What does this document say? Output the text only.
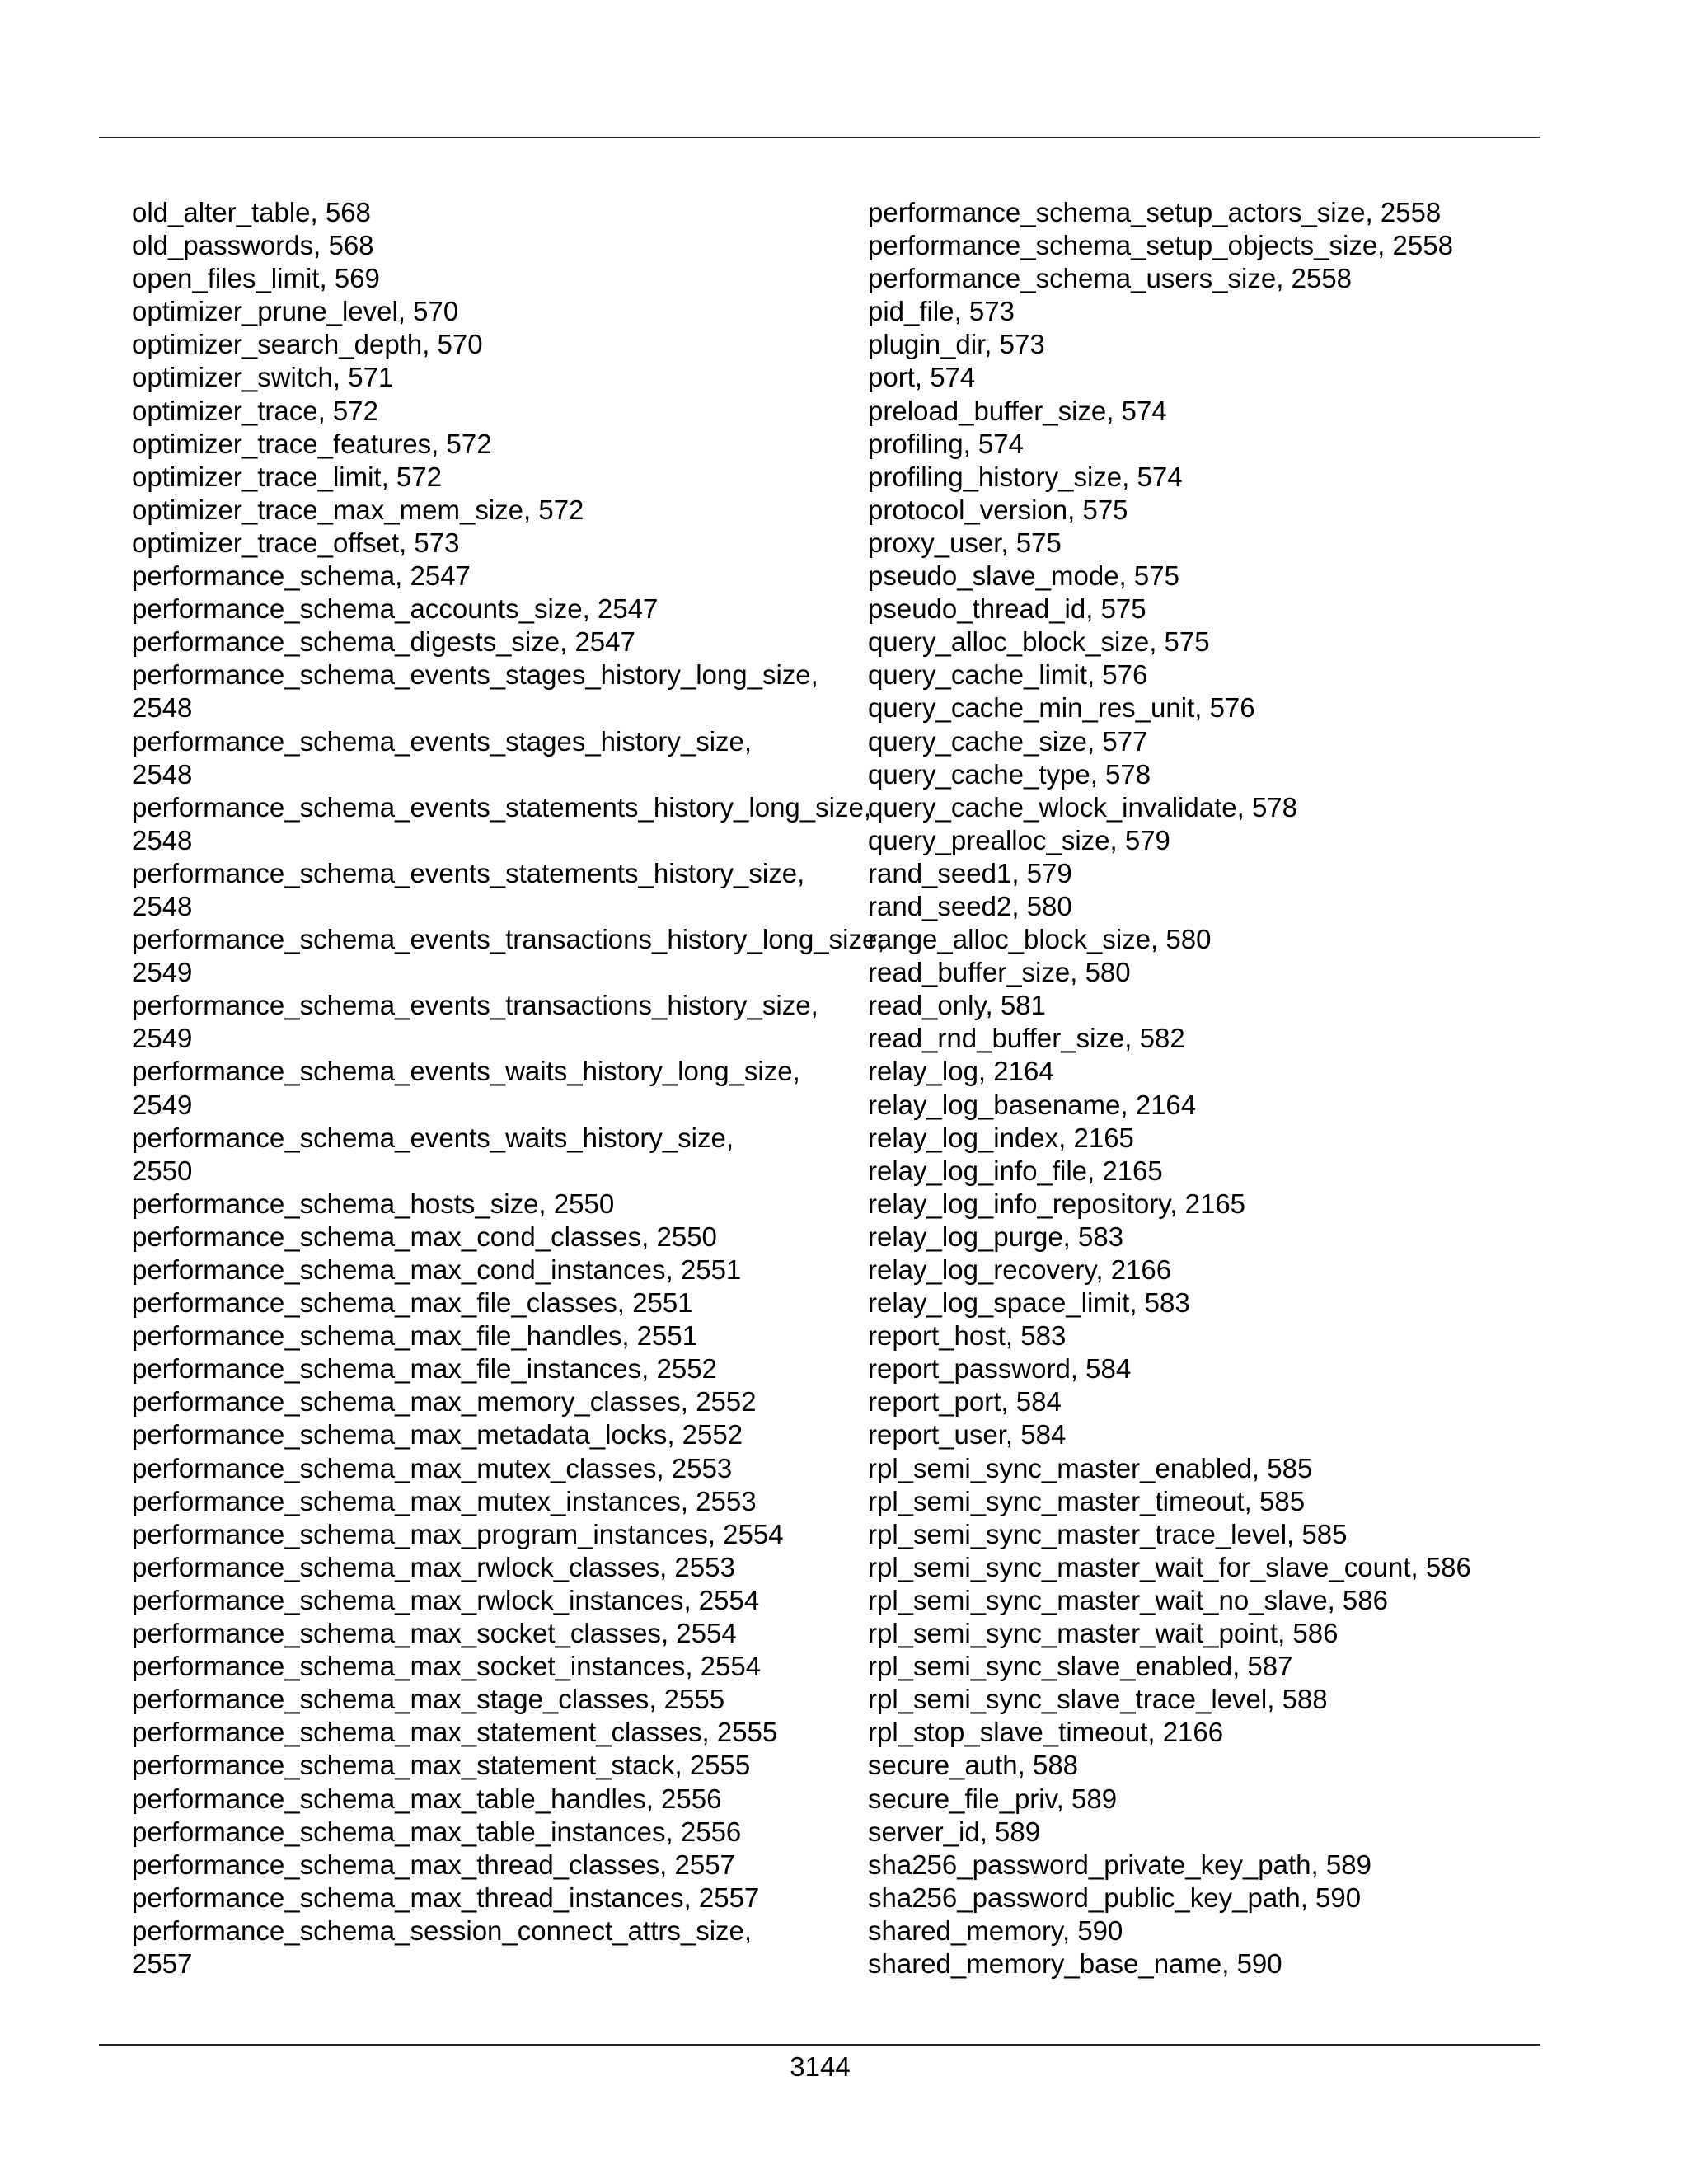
old_alter_table, 568
old_passwords, 568
open_files_limit, 569
optimizer_prune_level, 570
optimizer_search_depth, 570
optimizer_switch, 571
optimizer_trace, 572
optimizer_trace_features, 572
optimizer_trace_limit, 572
optimizer_trace_max_mem_size, 572
optimizer_trace_offset, 573
performance_schema, 2547
performance_schema_accounts_size, 2547
performance_schema_digests_size, 2547
performance_schema_events_stages_history_long_size,
2548
performance_schema_events_stages_history_size,
2548
performance_schema_events_statements_history_long_size,
2548
performance_schema_events_statements_history_size,
2548
performance_schema_events_transactions_history_long_size,
2549
performance_schema_events_transactions_history_size,
2549
performance_schema_events_waits_history_long_size,
2549
performance_schema_events_waits_history_size,
2550
performance_schema_hosts_size, 2550
performance_schema_max_cond_classes, 2550
performance_schema_max_cond_instances, 2551
performance_schema_max_file_classes, 2551
performance_schema_max_file_handles, 2551
performance_schema_max_file_instances, 2552
performance_schema_max_memory_classes, 2552
performance_schema_max_metadata_locks, 2552
performance_schema_max_mutex_classes, 2553
performance_schema_max_mutex_instances, 2553
performance_schema_max_program_instances, 2554
performance_schema_max_rwlock_classes, 2553
performance_schema_max_rwlock_instances, 2554
performance_schema_max_socket_classes, 2554
performance_schema_max_socket_instances, 2554
performance_schema_max_stage_classes, 2555
performance_schema_max_statement_classes, 2555
performance_schema_max_statement_stack, 2555
performance_schema_max_table_handles, 2556
performance_schema_max_table_instances, 2556
performance_schema_max_thread_classes, 2557
performance_schema_max_thread_instances, 2557
performance_schema_session_connect_attrs_size,
2557
performance_schema_setup_actors_size, 2558
performance_schema_setup_objects_size, 2558
performance_schema_users_size, 2558
pid_file, 573
plugin_dir, 573
port, 574
preload_buffer_size, 574
profiling, 574
profiling_history_size, 574
protocol_version, 575
proxy_user, 575
pseudo_slave_mode, 575
pseudo_thread_id, 575
query_alloc_block_size, 575
query_cache_limit, 576
query_cache_min_res_unit, 576
query_cache_size, 577
query_cache_type, 578
query_cache_wlock_invalidate, 578
query_prealloc_size, 579
rand_seed1, 579
rand_seed2, 580
range_alloc_block_size, 580
read_buffer_size, 580
read_only, 581
read_rnd_buffer_size, 582
relay_log, 2164
relay_log_basename, 2164
relay_log_index, 2165
relay_log_info_file, 2165
relay_log_info_repository, 2165
relay_log_purge, 583
relay_log_recovery, 2166
relay_log_space_limit, 583
report_host, 583
report_password, 584
report_port, 584
report_user, 584
rpl_semi_sync_master_enabled, 585
rpl_semi_sync_master_timeout, 585
rpl_semi_sync_master_trace_level, 585
rpl_semi_sync_master_wait_for_slave_count, 586
rpl_semi_sync_master_wait_no_slave, 586
rpl_semi_sync_master_wait_point, 586
rpl_semi_sync_slave_enabled, 587
rpl_semi_sync_slave_trace_level, 588
rpl_stop_slave_timeout, 2166
secure_auth, 588
secure_file_priv, 589
server_id, 589
sha256_password_private_key_path, 589
sha256_password_public_key_path, 590
shared_memory, 590
shared_memory_base_name, 590
3144
